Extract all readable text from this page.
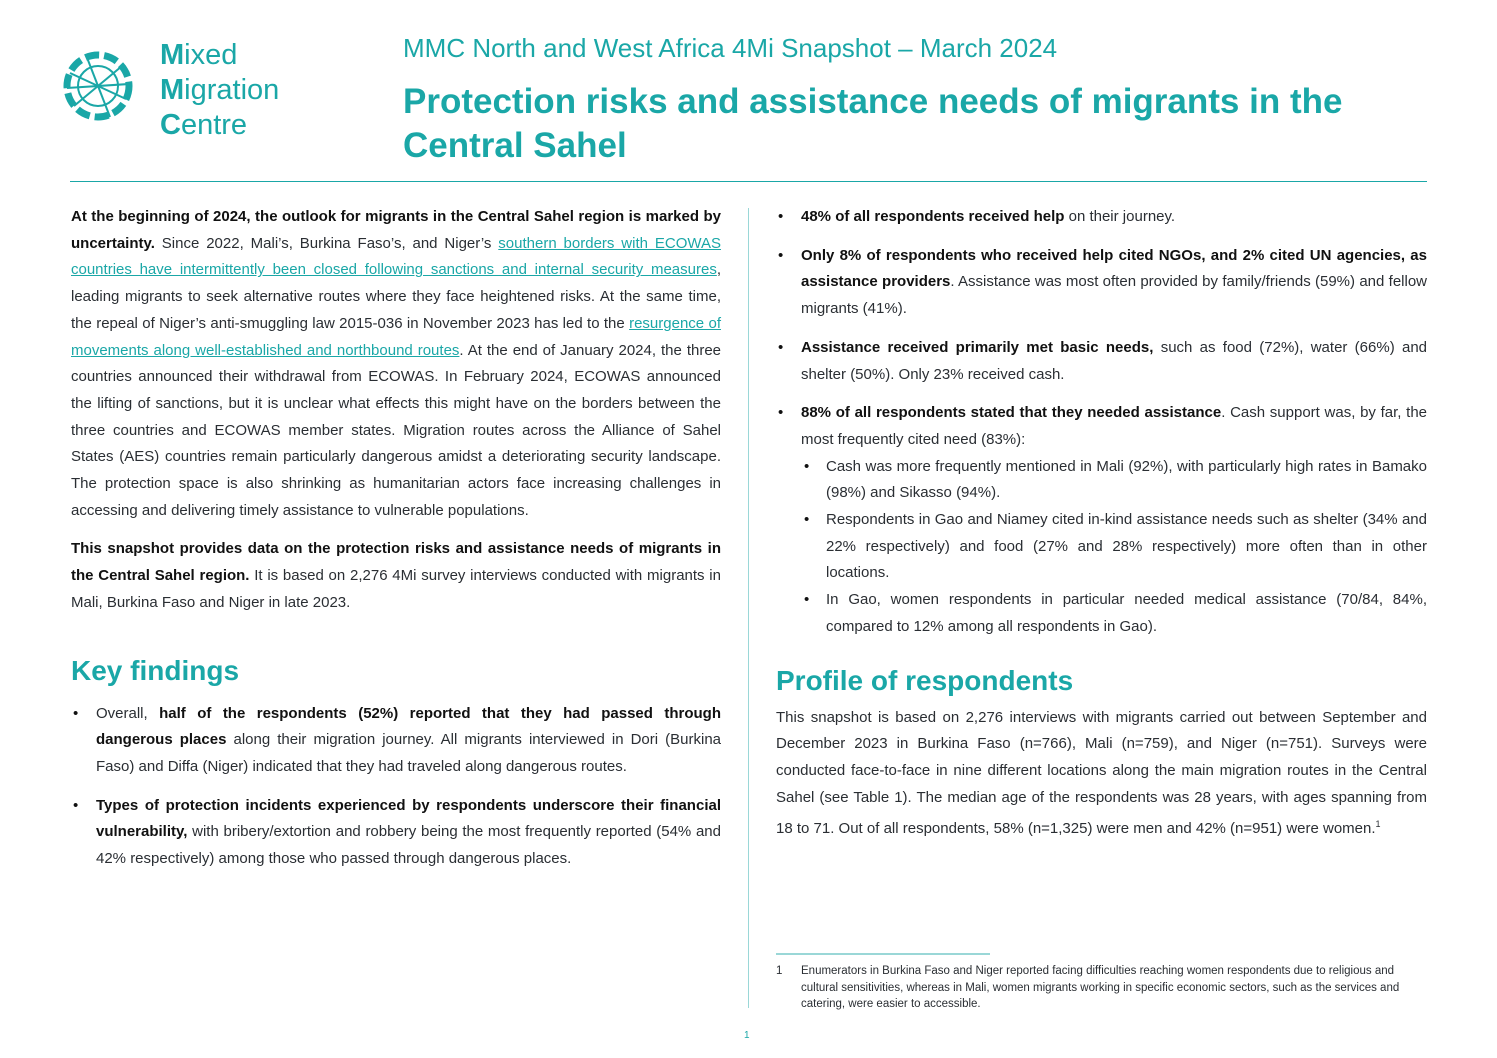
Mixed
Migration
Centre
MMC North and West Africa 4Mi Snapshot – March 2024
Protection risks and assistance needs of migrants in the Central Sahel

At the beginning of 2024, the outlook for migrants in the Central Sahel region is marked by uncertainty. Since 2022, Mali’s, Burkina Faso’s, and Niger’s southern borders with ECOWAS countries have intermittently been closed following sanctions and internal security measures, leading migrants to seek alternative routes where they face heightened risks. At the same time, the repeal of Niger’s anti-smuggling law 2015-036 in November 2023 has led to the resurgence of movements along well-established and northbound routes. At the end of January 2024, the three countries announced their withdrawal from ECOWAS. In February 2024, ECOWAS announced the lifting of sanctions, but it is unclear what effects this might have on the borders between the three countries and ECOWAS member states. Migration routes across the Alliance of Sahel States (AES) countries remain particularly dangerous amidst a deteriorating security landscape. The protection space is also shrinking as humanitarian actors face increasing challenges in accessing and delivering timely assistance to vulnerable populations.

This snapshot provides data on the protection risks and assistance needs of migrants in the Central Sahel region. It is based on 2,276 4Mi survey interviews conducted with migrants in Mali, Burkina Faso and Niger in late 2023.

Key findings
• Overall, half of the respondents (52%) reported that they had passed through dangerous places along their migration journey. All migrants interviewed in Dori (Burkina Faso) and Diffa (Niger) indicated that they had traveled along dangerous routes.
• Types of protection incidents experienced by respondents underscore their financial vulnerability, with bribery/extortion and robbery being the most frequently reported (54% and 42% respectively) among those who passed through dangerous places.
• 48% of all respondents received help on their journey.
• Only 8% of respondents who received help cited NGOs, and 2% cited UN agencies, as assistance providers. Assistance was most often provided by family/friends (59%) and fellow migrants (41%).
• Assistance received primarily met basic needs, such as food (72%), water (66%) and shelter (50%). Only 23% received cash.
• 88% of all respondents stated that they needed assistance. Cash support was, by far, the most frequently cited need (83%):
• Cash was more frequently mentioned in Mali (92%), with particularly high rates in Bamako (98%) and Sikasso (94%).
• Respondents in Gao and Niamey cited in-kind assistance needs such as shelter (34% and 22% respectively) and food (27% and 28% respectively) more often than in other locations.
• In Gao, women respondents in particular needed medical assistance (70/84, 84%, compared to 12% among all respondents in Gao).
Profile of respondents

This snapshot is based on 2,276 interviews with migrants carried out between September and December 2023 in Burkina Faso (n=766), Mali (n=759), and Niger (n=751). Surveys were conducted face-to-face in nine different locations along the main migration routes in the Central Sahel (see Table 1). The median age of the respondents was 28 years, with ages spanning from 18 to 71. Out of all respondents, 58% (n=1,325) were men and 42% (n=951) were women.$^1$

1 Enumerators in Burkina Faso and Niger reported facing difficulties reaching women respondents due to religious and cultural sensitivities, whereas in Mali, women migrants working in specific economic sectors, such as the services and catering, were easier to accessible.
1
